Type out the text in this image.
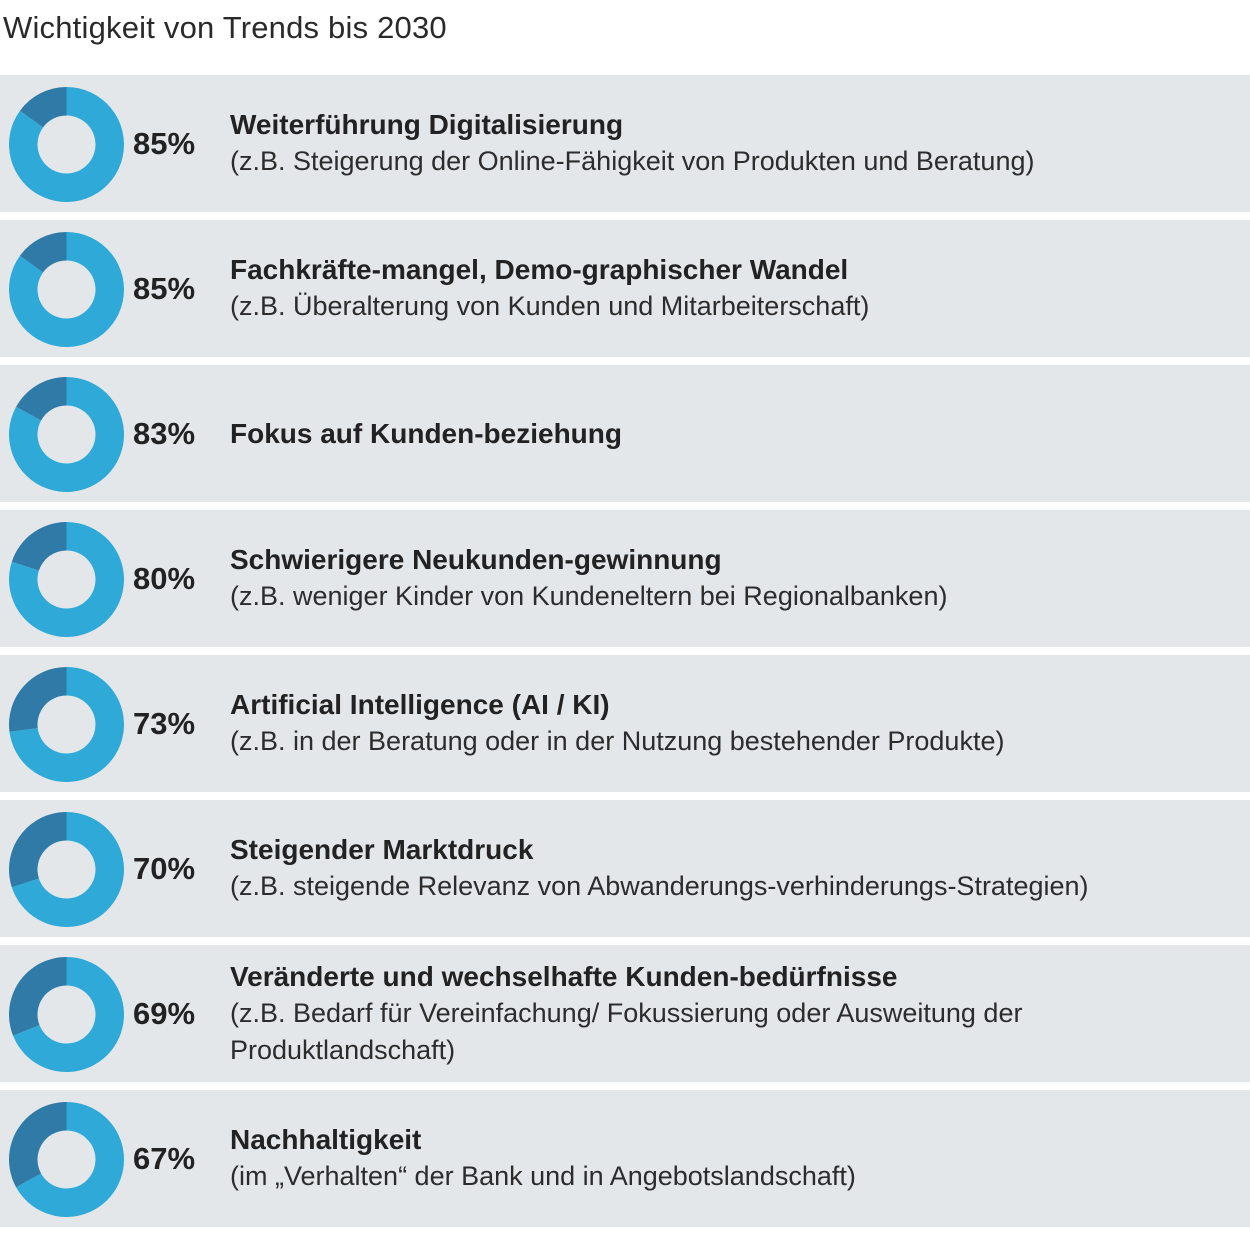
Wichtigkeit von Trends bis 2030
85%
Weiterführung Digitalisierung
(z.B. Steigerung der Online-Fähigkeit von Produkten und Beratung)
85%
Fachkräfte-mangel, Demo-graphischer Wandel
(z.B. Überalterung von Kunden und Mitarbeiterschaft)
83%	Fokus auf Kunden-beziehung
80%
Schwierigere Neukunden-gewinnung
(z.B. weniger Kinder von Kundeneltern bei Regionalbanken)
73%
Artificial Intelligence (AI / KI)
(z.B. in der Beratung oder in der Nutzung bestehender Produkte)
70%
Steigender Marktdruck
(z.B. steigende Relevanz von Abwanderungs-verhinderungs-Strategien)
69%
Veränderte und wechselhafte Kunden-bedürfnisse
(z.B. Bedarf für Vereinfachung/ Fokussierung oder Ausweitung der Produktlandschaft)
67%
Nachhaltigkeit
(im „Verhalten“ der Bank und in Angebotslandschaft)
